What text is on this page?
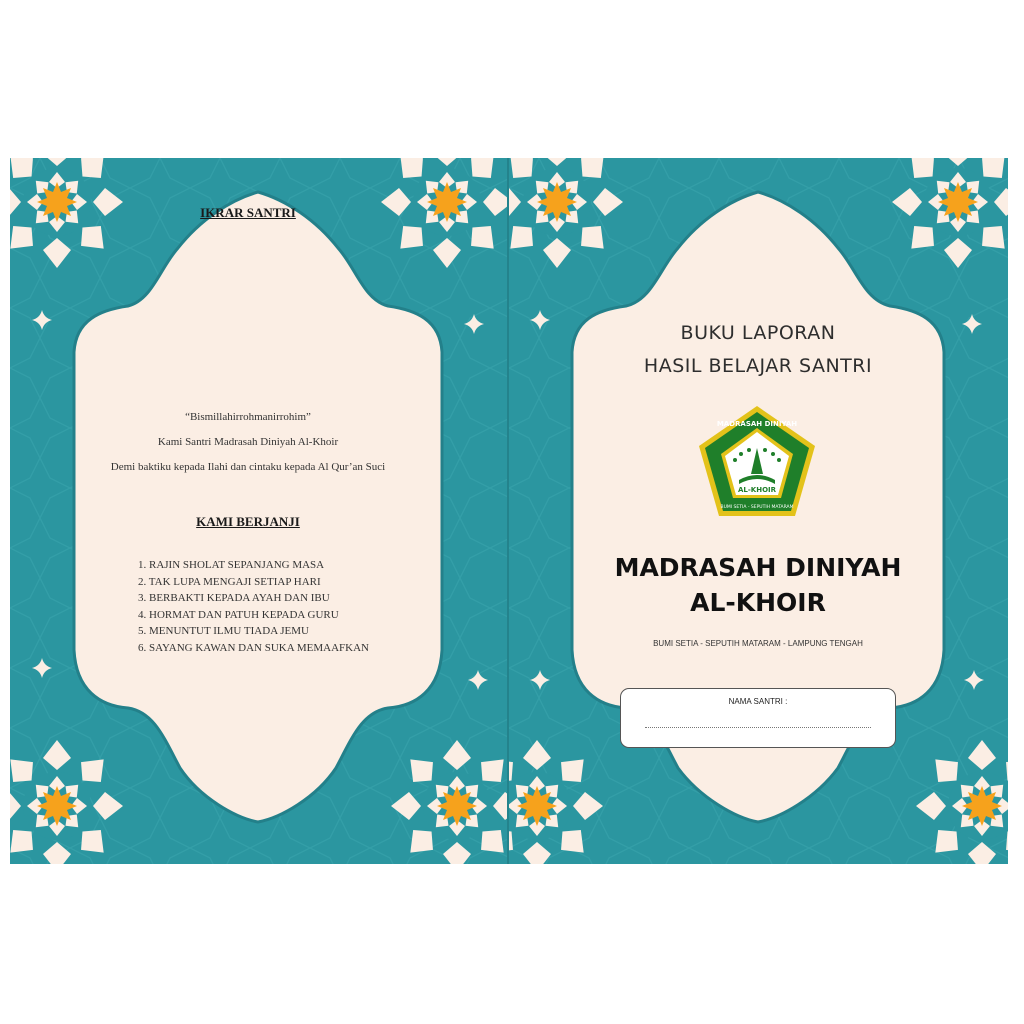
MADRASAH DINIYAH
AL-KHOIR
BUMI SETIA - SEPUTIH MATARAM
IKRAR SANTRI
“Bismillahirrohmanirrohim”
Kami Santri Madrasah Diniyah Al-Khoir
Demi baktiku kepada Ilahi dan cintaku kepada Al Qur’an Suci
KAMI BERJANJI
1. RAJIN SHOLAT SEPANJANG MASA
2. TAK LUPA MENGAJI SETIAP HARI
3. BERBAKTI KEPADA AYAH DAN IBU
4. HORMAT DAN PATUH KEPADA GURU
5. MENUNTUT ILMU TIADA JEMU
6. SAYANG KAWAN DAN SUKA MEMAAFKAN
BUKU LAPORAN
HASIL BELAJAR SANTRI
MADRASAH DINIYAH
AL-KHOIR
BUMI SETIA - SEPUTIH MATARAM - LAMPUNG TENGAH
NAMA SANTRI :
